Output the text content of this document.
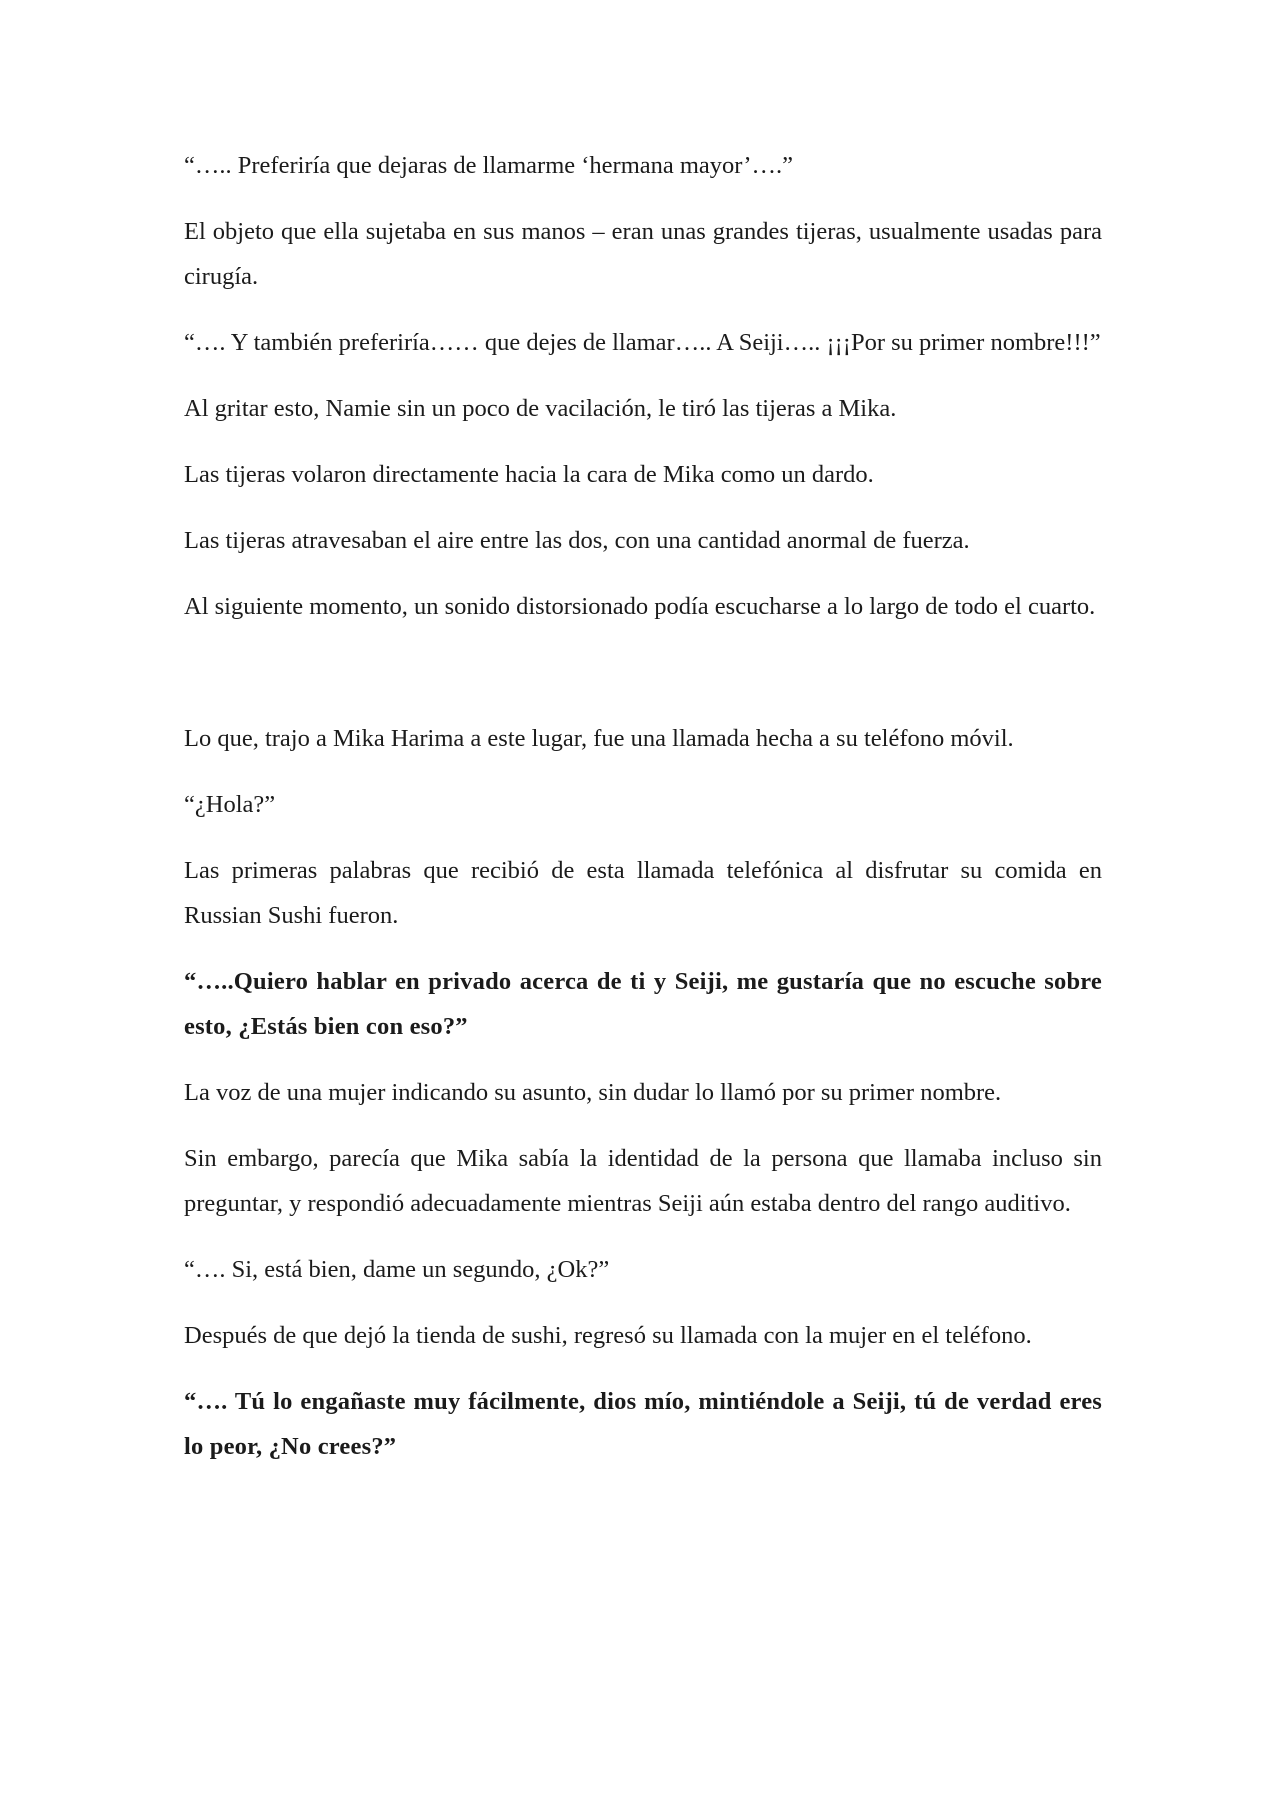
“….. Preferiría que dejaras de llamarme ‘hermana mayor’….”

El objeto que ella sujetaba en sus manos – eran unas grandes tijeras, usualmente usadas para cirugía.

“…. Y también preferiría…… que dejes de llamar….. A Seiji….. ¡¡¡Por su primer nombre!!!”

Al gritar esto, Namie sin un poco de vacilación, le tiró las tijeras a Mika.

Las tijeras volaron directamente hacia la cara de Mika como un dardo.

Las tijeras atravesaban el aire entre las dos, con una cantidad anormal de fuerza.

Al siguiente momento, un sonido distorsionado podía escucharse a lo largo de todo el cuarto.

Lo que, trajo a Mika Harima a este lugar, fue una llamada hecha a su teléfono móvil.

“¿Hola?”

Las primeras palabras que recibió de esta llamada telefónica al disfrutar su comida en Russian Sushi fueron.

“…..Quiero hablar en privado acerca de ti y Seiji, me gustaría que no escuche sobre esto, ¿Estás bien con eso?”

La voz de una mujer indicando su asunto, sin dudar lo llamó por su primer nombre.

Sin embargo, parecía que Mika sabía la identidad de la persona que llamaba incluso sin preguntar, y respondió adecuadamente mientras Seiji aún estaba dentro del rango auditivo.

“…. Si, está bien, dame un segundo, ¿Ok?”

Después de que dejó la tienda de sushi, regresó su llamada con la mujer en el teléfono.

“…. Tú lo engañaste muy fácilmente, dios mío, mintiéndole a Seiji, tú de verdad eres lo peor, ¿No crees?”
